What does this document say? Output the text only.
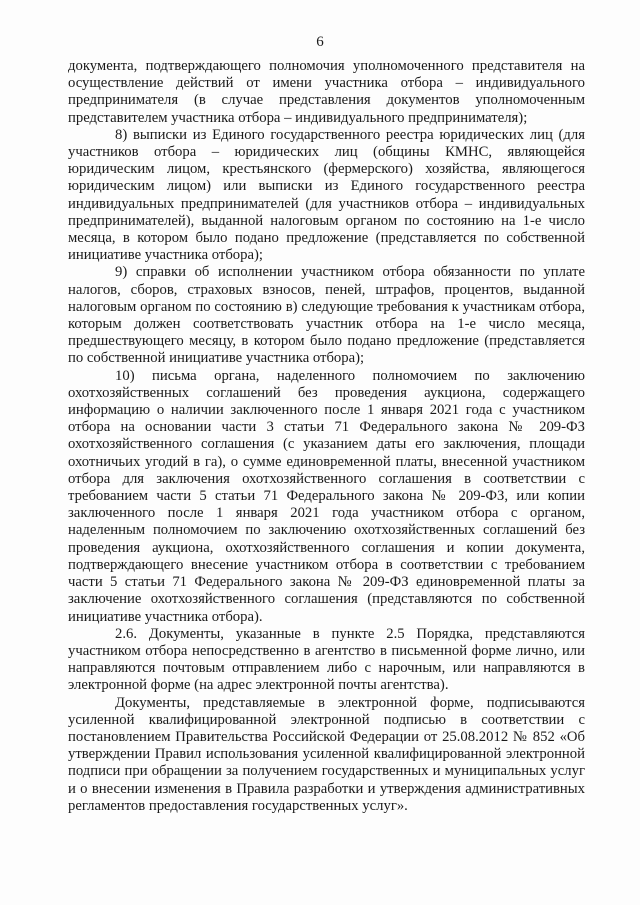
6

документа, подтверждающего полномочия уполномоченного представителя на осуществление действий от имени участника отбора – индивидуального предпринимателя (в случае представления документов уполномоченным представителем участника отбора – индивидуального предпринимателя);

8) выписки из Единого государственного реестра юридических лиц (для участников отбора – юридических лиц (общины КМНС, являющейся юридическим лицом, крестьянского (фермерского) хозяйства, являющегося юридическим лицом) или выписки из Единого государственного реестра индивидуальных предпринимателей (для участников отбора – индивидуальных предпринимателей), выданной налоговым органом по состоянию на 1-е число месяца, в котором было подано предложение (представляется по собственной инициативе участника отбора);

9) справки об исполнении участником отбора обязанности по уплате налогов, сборов, страховых взносов, пеней, штрафов, процентов, выданной налоговым органом по состоянию в) следующие требования к участникам отбора, которым должен соответствовать участник отбора на 1-е число месяца, предшествующего месяцу, в котором было подано предложение (представляется по собственной инициативе участника отбора);

10) письма органа, наделенного полномочием по заключению охотхозяйственных соглашений без проведения аукциона, содержащего информацию о наличии заключенного после 1 января 2021 года с участником отбора на основании части 3 статьи 71 Федерального закона № 209-ФЗ охотхозяйственного соглашения (с указанием даты его заключения, площади охотничьих угодий в га), о сумме единовременной платы, внесенной участником отбора для заключения охотхозяйственного соглашения в соответствии с требованием части 5 статьи 71 Федерального закона № 209-ФЗ, или копии заключенного после 1 января 2021 года участником отбора с органом, наделенным полномочием по заключению охотхозяйственных соглашений без проведения аукциона, охотхозяйственного соглашения и копии документа, подтверждающего внесение участником отбора в соответствии с требованием части 5 статьи 71 Федерального закона № 209-ФЗ единовременной платы за заключение охотхозяйственного соглашения (представляются по собственной инициативе участника отбора).

2.6. Документы, указанные в пункте 2.5 Порядка, представляются участником отбора непосредственно в агентство в письменной форме лично, или направляются почтовым отправлением либо с нарочным, или направляются в электронной форме (на адрес электронной почты агентства).

Документы, представляемые в электронной форме, подписываются усиленной квалифицированной электронной подписью в соответствии с постановлением Правительства Российской Федерации от 25.08.2012 № 852 «Об утверждении Правил использования усиленной квалифицированной электронной подписи при обращении за получением государственных и муниципальных услуг и о внесении изменения в Правила разработки и утверждения административных регламентов предоставления государственных услуг».
